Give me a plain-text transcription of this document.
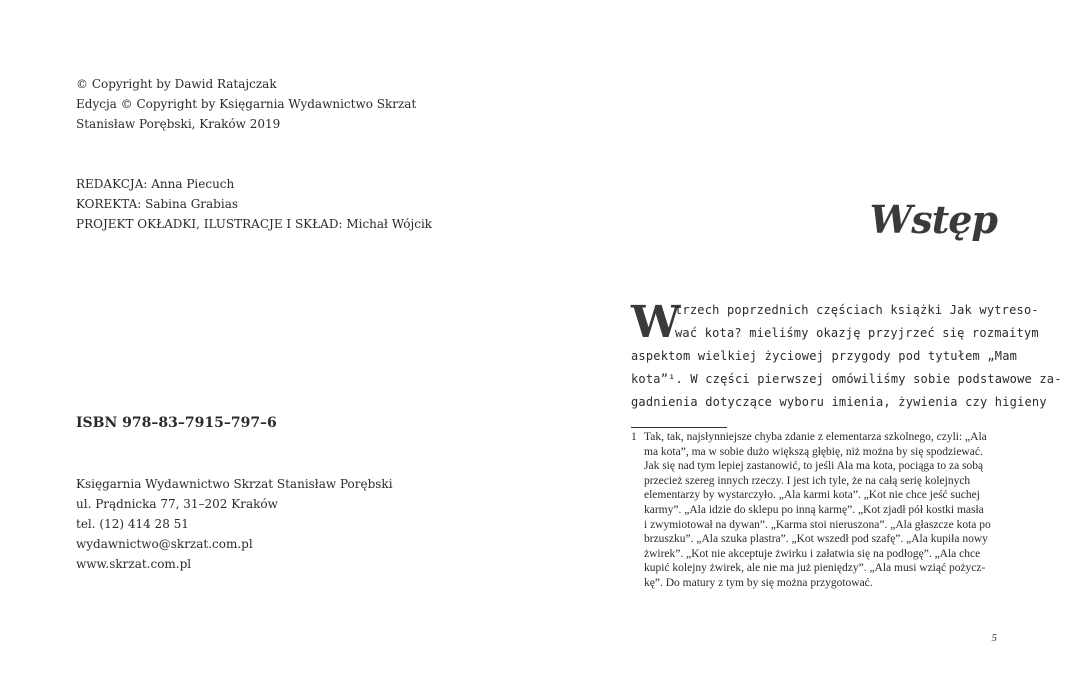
© Copyright by Dawid Ratajczak
Edycja © Copyright by Księgarnia Wydawnictwo Skrzat
Stanisław Porębski, Kraków 2019
REDAKCJA: Anna Piecuch
KOREKTA: Sabina Grabias
PROJEKT OKŁADKI, ILUSTRACJE I SKŁAD: Michał Wójcik
ISBN 978–83–7915–797–6
Księgarnia Wydawnictwo Skrzat Stanisław Porębski
ul. Prądnicka 77, 31–202 Kraków
tel. (12) 414 28 51
wydawnictwo@skrzat.com.pl
www.skrzat.com.pl
Wstęp
W
trzech poprzednich częściach książki Jak wytreso-
wać kota? mieliśmy okazję przyjrzeć się rozmaitym
aspektom wielkiej życiowej przygody pod tytułem „Mam
kota”¹. W części pierwszej omówiliśmy sobie podstawowe za-
gadnienia dotyczące wyboru imienia, żywienia czy higieny
1 Tak, tak, najsłynniejsze chyba zdanie z elementarza szkolnego, czyli: „Ala
ma kota”, ma w sobie dużo większą głębię, niż można by się spodziewać.
Jak się nad tym lepiej zastanowić, to jeśli Ala ma kota, pociąga to za sobą
przecież szereg innych rzeczy. I jest ich tyle, że na całą serię kolejnych
elementarzy by wystarczyło. „Ala karmi kota”. „Kot nie chce jeść suchej
karmy”. „Ala idzie do sklepu po inną karmę”. „Kot zjadł pół kostki masła
i zwymiotował na dywan”. „Karma stoi nieruszona”. „Ala głaszcze kota po
brzuszku”. „Ala szuka plastra”. „Kot wszedł pod szafę”. „Ala kupiła nowy
żwirek”. „Kot nie akceptuje żwirku i załatwia się na podłogę”. „Ala chce
kupić kolejny żwirek, ale nie ma już pieniędzy”. „Ala musi wziąć pożycz-
kę”. Do matury z tym by się można przygotować.
5
